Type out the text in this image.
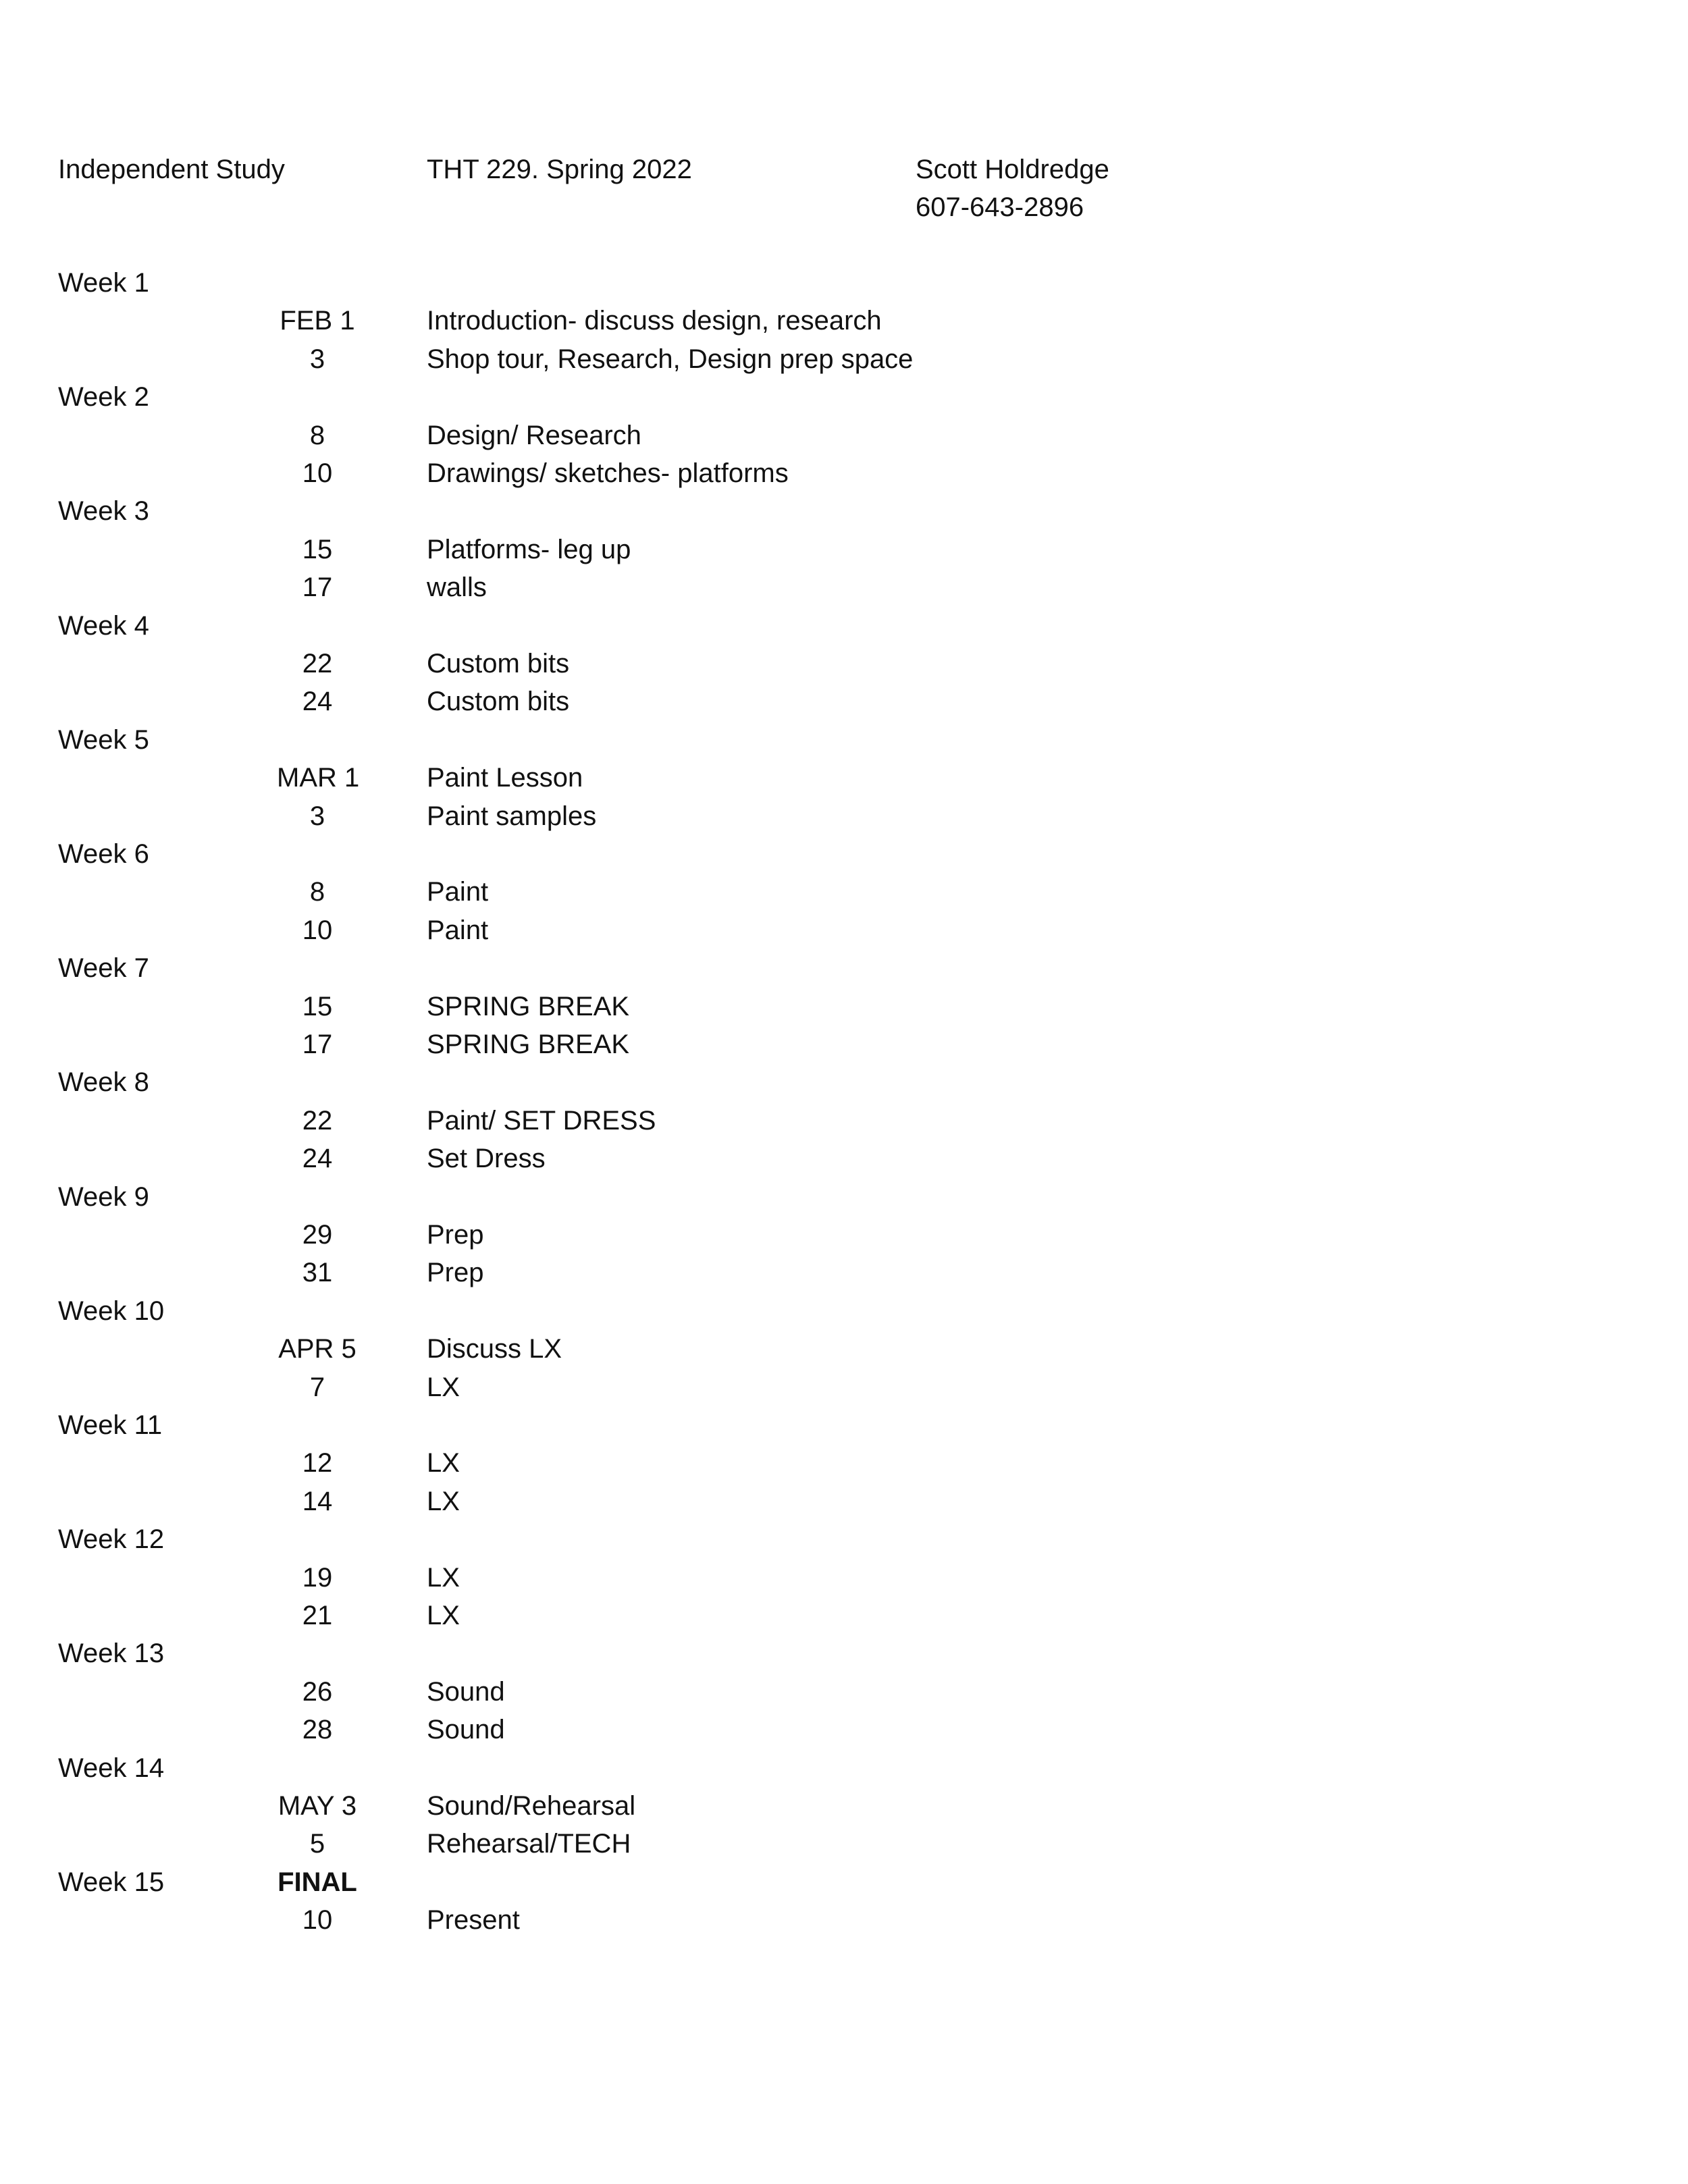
Independent Study	THT 229. Spring 2022	Scott Holdredge
607-643-2896
Week 1
FEB 1	Introduction- discuss design, research
3	Shop tour, Research, Design prep space
Week 2
8	Design/ Research
10	Drawings/ sketches- platforms
Week 3
15	Platforms- leg up
17	walls
Week 4
22	Custom bits
24	Custom bits
Week 5
MAR 1 Paint Lesson
3	Paint samples
Week 6
8	Paint
10	Paint
Week 7
15	SPRING BREAK
17	SPRING BREAK
Week 8
22	Paint/ SET DRESS
24	Set Dress
Week 9
29	Prep
31	Prep
Week 10
APR 5	Discuss LX
7	LX
Week 11
12	LX
14	LX
Week 12
19	LX
21	LX
Week 13
26	Sound
28	Sound
Week 14
MAY 3	Sound/Rehearsal
5	Rehearsal/TECH
Week 15	FINAL
10	Present
